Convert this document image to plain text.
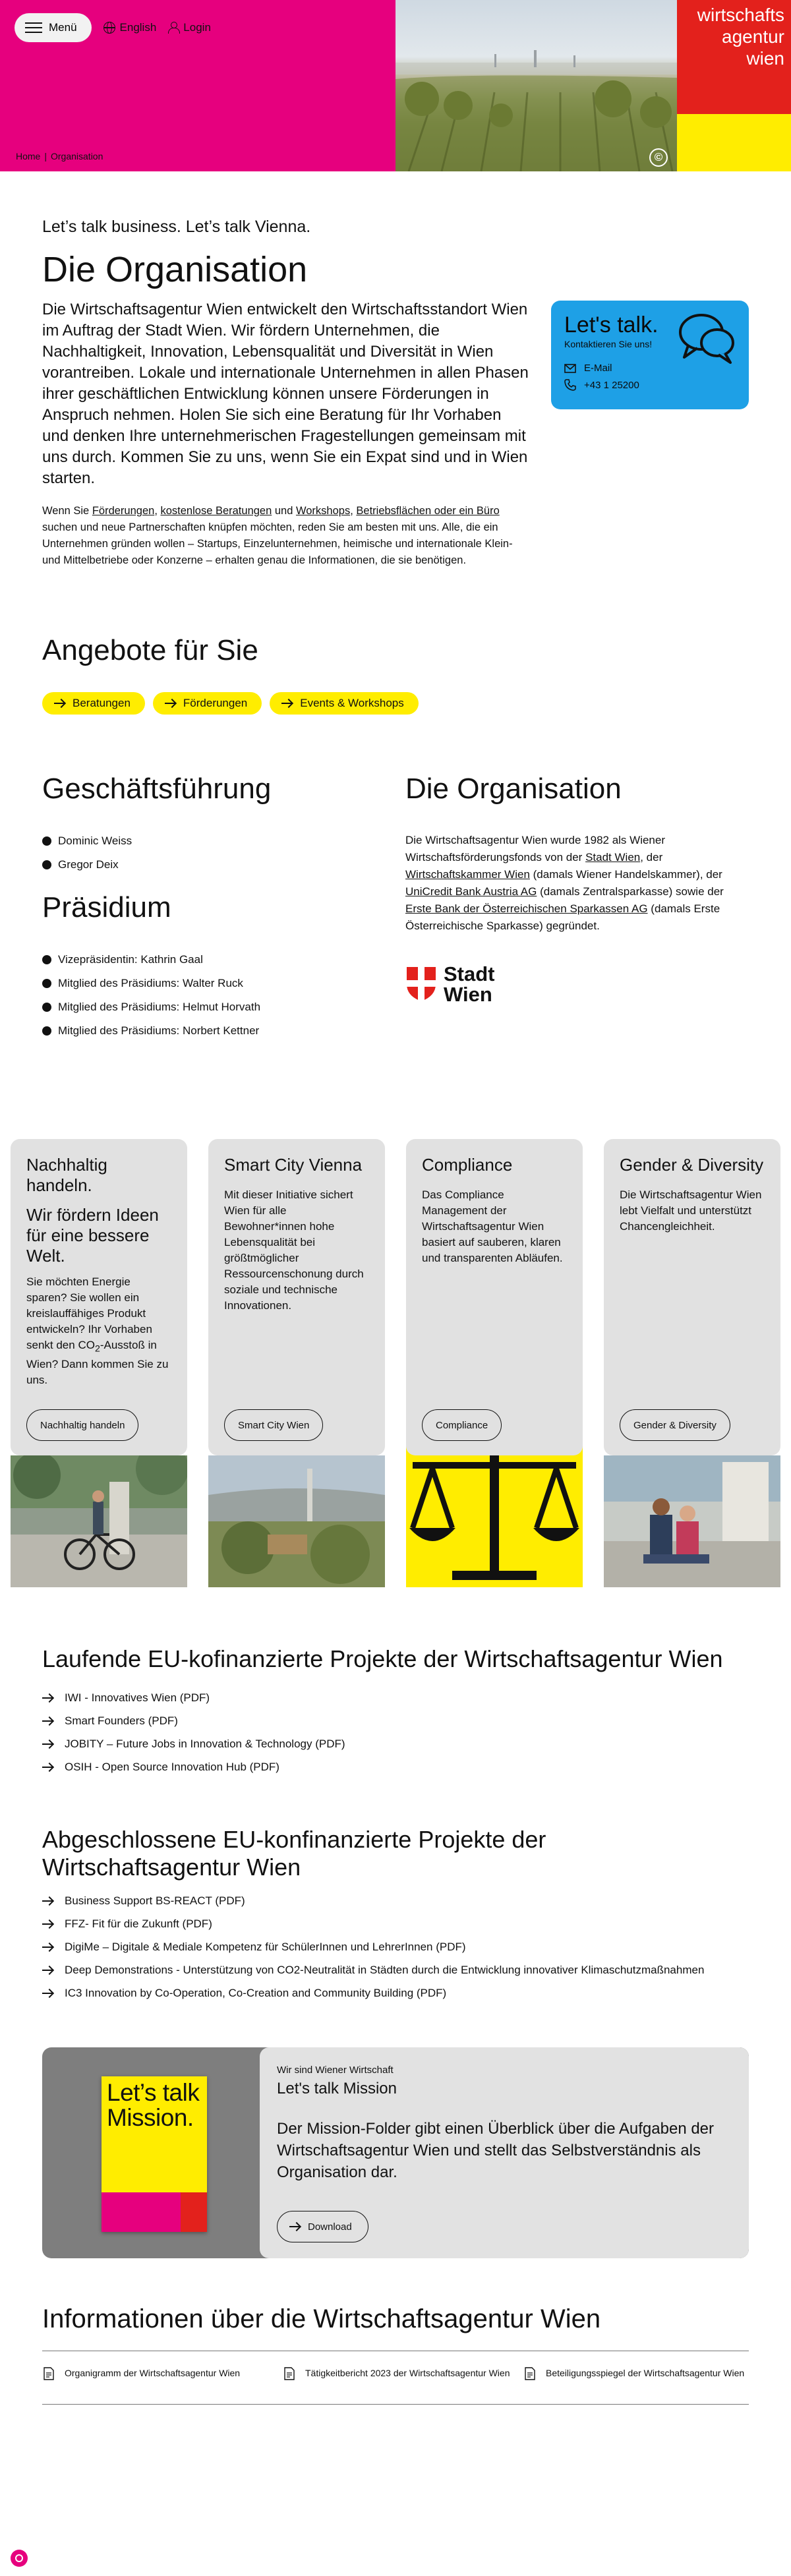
wirtschafts
agentur
wien
Menü	English Login
Home | Organisation	©
Let’s talk business. Let’s talk Vienna.
Die Organisation

Die Wirtschaftsagentur Wien entwickelt den Wirtschaftsstandort Wien im Auftrag der Stadt Wien. Wir fördern Unternehmen, die Nachhaltigkeit, Innovation, Lebensqualität und Diversität in Wien vorantreiben. Lokale und internationale Unternehmen in allen Phasen ihrer geschäftlichen Entwicklung können unsere Förderungen in Anspruch nehmen. Holen Sie sich eine Beratung für Ihr Vorhaben und denken Ihre unternehmerischen Fragestellungen gemeinsam mit uns durch. Kommen Sie zu uns, wenn Sie ein Expat sind und in Wien starten.

Wenn Sie Förderungen, kostenlose Beratungen und Workshops, Betriebsflächen oder ein Büro suchen und neue Partnerschaften knüpfen möchten, reden Sie am besten mit uns. Alle, die ein Unternehmen gründen wollen – Startups, Einzelunternehmen, heimische und internationale Klein- und Mittelbetriebe oder Konzerne – erhalten genau die Informationen, die sie benötigen.

Let's talk.
Kontaktieren Sie uns!
E-Mail
+43 1 25200
Angebote für Sie
Beratungen	Förderungen	Events & Workshops
Geschäftsführung
Dominic Weiss
Gregor Deix
Präsidium
Vizepräsidentin: Kathrin Gaal
Mitglied des Präsidiums: Walter Ruck
Mitglied des Präsidiums: Helmut Horvath
Mitglied des Präsidiums: Norbert Kettner
Die Organisation

Die Wirtschaftsagentur Wien wurde 1982 als Wiener Wirtschaftsförderungsfonds von der Stadt Wien, der Wirtschaftskammer Wien (damals Wiener Handelskammer), der UniCredit Bank Austria AG (damals Zentralsparkasse) sowie der Erste Bank der Österreichischen Sparkassen AG (damals Erste Österreichische Sparkasse) gegründet.

Stadt
Wien
Nachhaltig handeln.
Wir fördern Ideen für eine bessere Welt.
Sie möchten Energie sparen? Sie wollen ein kreislauffähiges Produkt entwickeln? Ihr Vorhaben senkt den $CO_2$-Ausstoß in Wien? Dann kommen Sie zu uns.
Nachhaltig handeln
Smart City Vienna
Mit dieser Initiative sichert Wien für alle Bewohner*innen hohe Lebensqualität bei größtmöglicher Ressourcenschonung durch soziale und technische Innovationen.
Smart City Wien
Compliance
Das Compliance Management der Wirtschaftsagentur Wien basiert auf sauberen, klaren und transparenten Abläufen.
Compliance
Gender & Diversity
Die Wirtschaftsagentur Wien lebt Vielfalt und unterstützt Chancengleichheit.
Gender & Diversity
Laufende EU-kofinanzierte Projekte der Wirtschaftsagentur Wien
IWI - Innovatives Wien (PDF)
Smart Founders (PDF)
JOBITY – Future Jobs in Innovation & Technology (PDF)
OSIH - Open Source Innovation Hub (PDF)
Abgeschlossene EU-konfinanzierte Projekte der Wirtschaftsagentur Wien
Business Support BS-REACT (PDF)
FFZ- Fit für die Zukunft (PDF)
DigiMe – Digitale & Mediale Kompetenz für SchülerInnen und LehrerInnen (PDF)
Deep Demonstrations - Unterstützung von CO2-Neutralität in Städten durch die Entwicklung innovativer Klimaschutzmaßnahmen
IC3 Innovation by Co-Operation, Co-Creation and Community Building (PDF)
Let’s talk Mission.
Wir sind Wiener Wirtschaft
Let's talk Mission
Der Mission-Folder gibt einen Überblick über die Aufgaben der Wirtschaftsagentur Wien und stellt das Selbstverständnis als Organisation dar.
Download
Informationen über die Wirtschaftsagentur Wien
Organigramm der Wirtschaftsagentur Wien	Tätigkeitbericht 2023 der Wirtschaftsagentur Wien	Beteiligungsspiegel der Wirtschaftsagentur Wien
